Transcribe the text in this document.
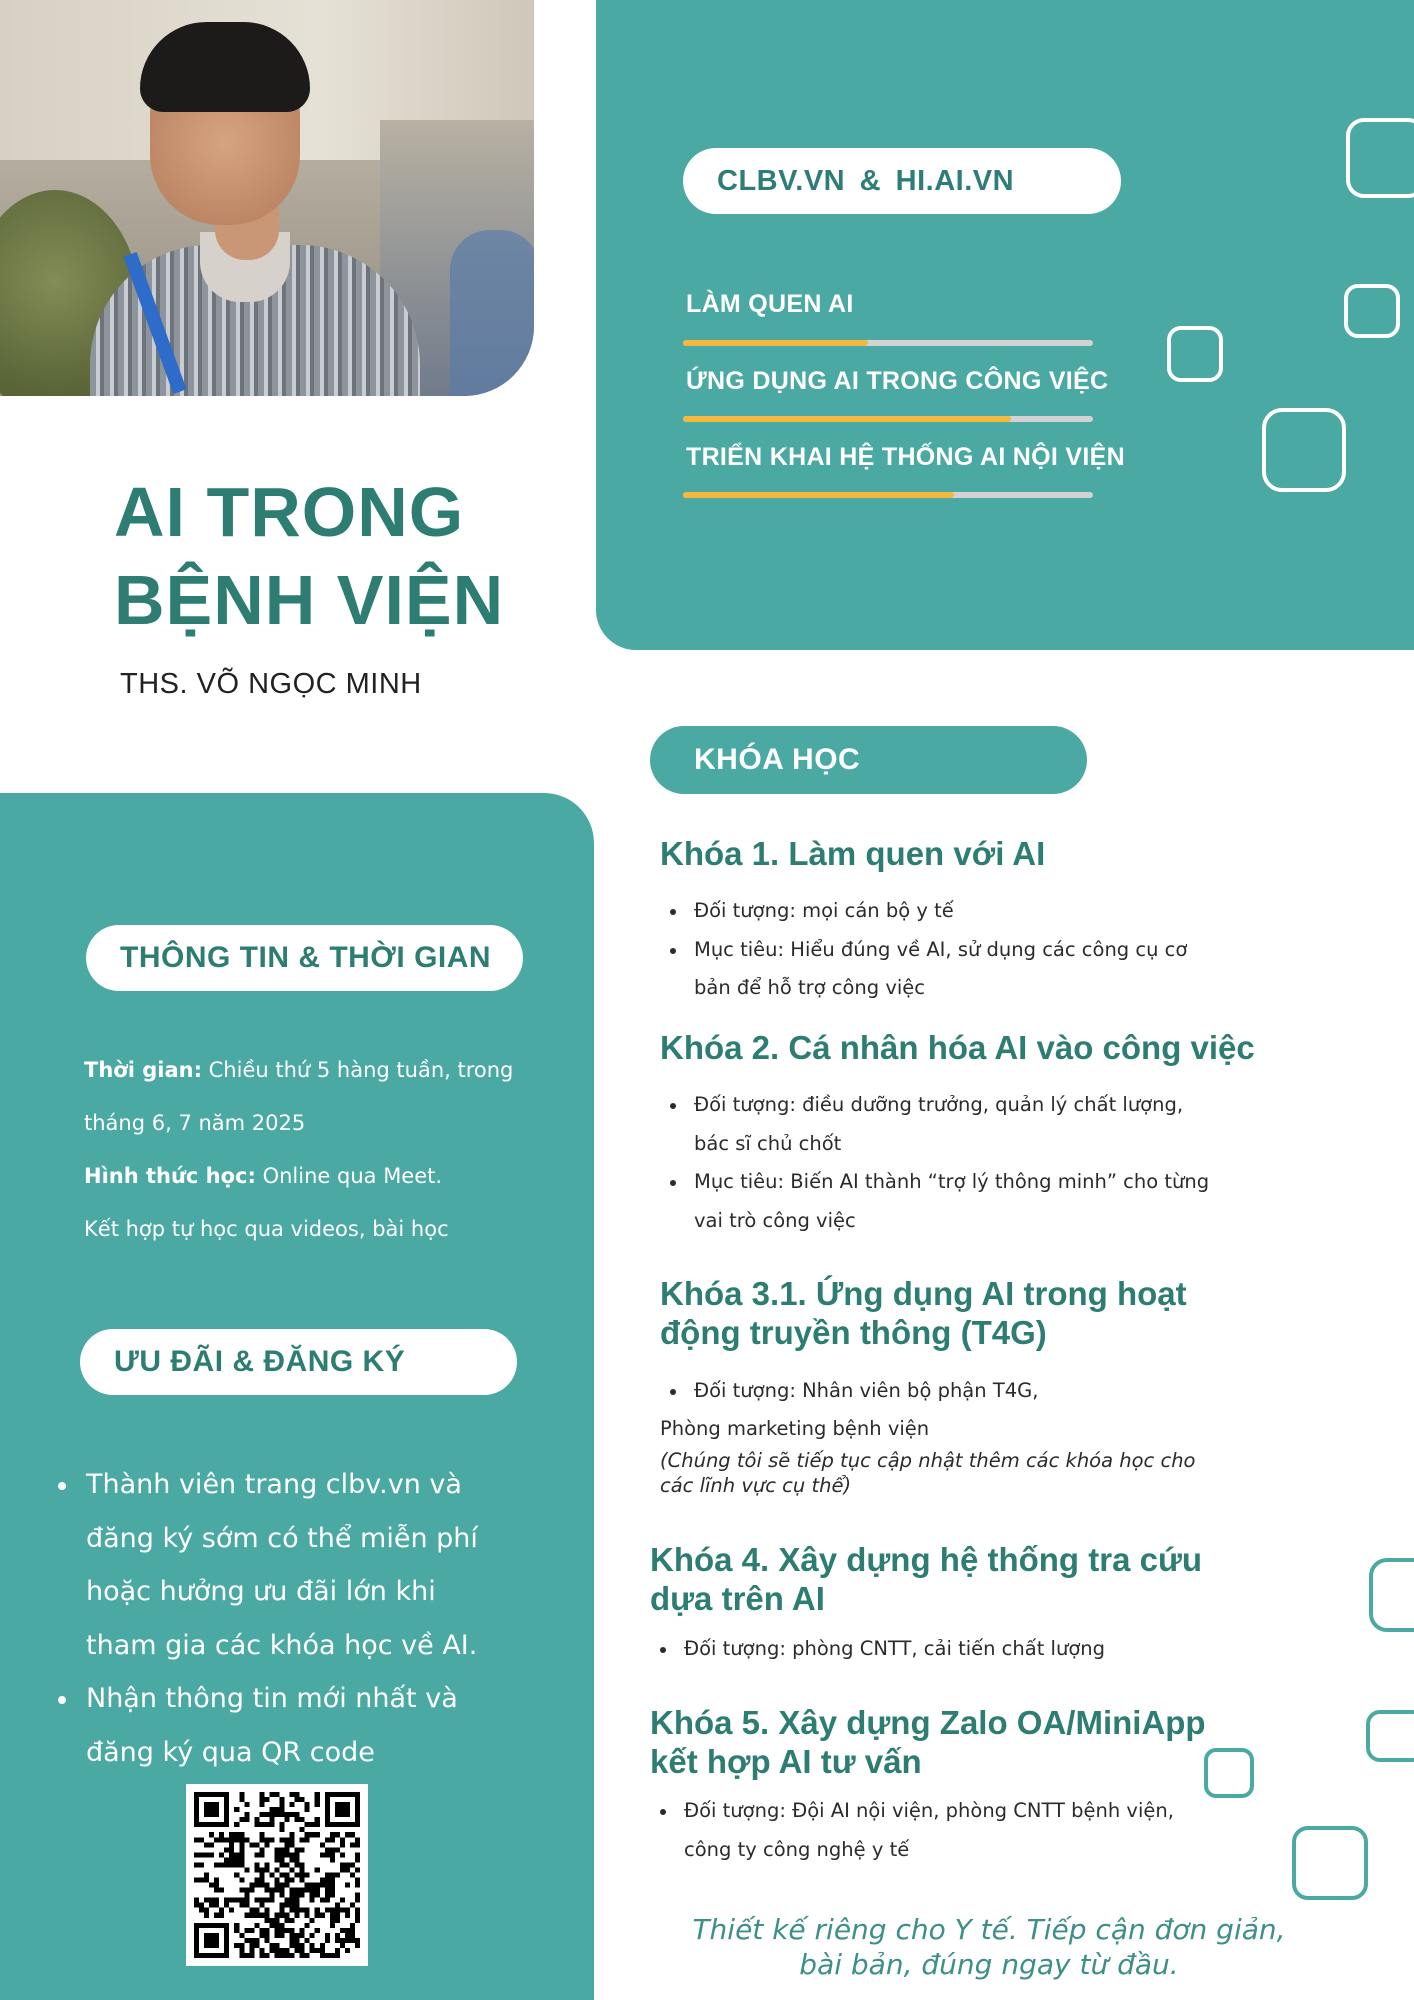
CLBV.VN & HI.AI.VN
LÀM QUEN AI
ỨNG DỤNG AI TRONG CÔNG VIỆC
TRIỂN KHAI HỆ THỐNG AI NỘI VIỆN
AI TRONG
BỆNH VIỆN
THS. VÕ NGỌC MINH
THÔNG TIN & THỜI GIAN
Thời gian: Chiều thứ 5 hàng tuần, trong
tháng 6, 7 năm 2025
Hình thức học: Online qua Meet.
Kết hợp tự học qua videos, bài học
ƯU ĐÃI & ĐĂNG KÝ
Thành viên trang clbv.vn và
đăng ký sớm có thể miễn phí
hoặc hưởng ưu đãi lớn khi
tham gia các khóa học về AI.
Nhận thông tin mới nhất và
đăng ký qua QR code
KHÓA HỌC
Khóa 1. Làm quen với AI
Đối tượng: mọi cán bộ y tế
Mục tiêu: Hiểu đúng về AI, sử dụng các công cụ cơ
bản để hỗ trợ công việc
Khóa 2. Cá nhân hóa AI vào công việc
Đối tượng: điều dưỡng trưởng, quản lý chất lượng,
bác sĩ chủ chốt
Mục tiêu: Biến AI thành “trợ lý thông minh” cho từng
vai trò công việc
Khóa 3.1. Ứng dụng AI trong hoạt
động truyền thông (T4G)
Đối tượng: Nhân viên bộ phận T4G,
Phòng marketing bệnh viện
(Chúng tôi sẽ tiếp tục cập nhật thêm các khóa học cho
các lĩnh vực cụ thể)
Khóa 4. Xây dựng hệ thống tra cứu
dựa trên AI
Đối tượng: phòng CNTT, cải tiến chất lượng
Khóa 5. Xây dựng Zalo OA/MiniApp
kết hợp AI tư vấn
Đối tượng: Đội AI nội viện, phòng CNTT bệnh viện,
công ty công nghệ y tế
Thiết kế riêng cho Y tế. Tiếp cận đơn giản,
bài bản, đúng ngay từ đầu.
